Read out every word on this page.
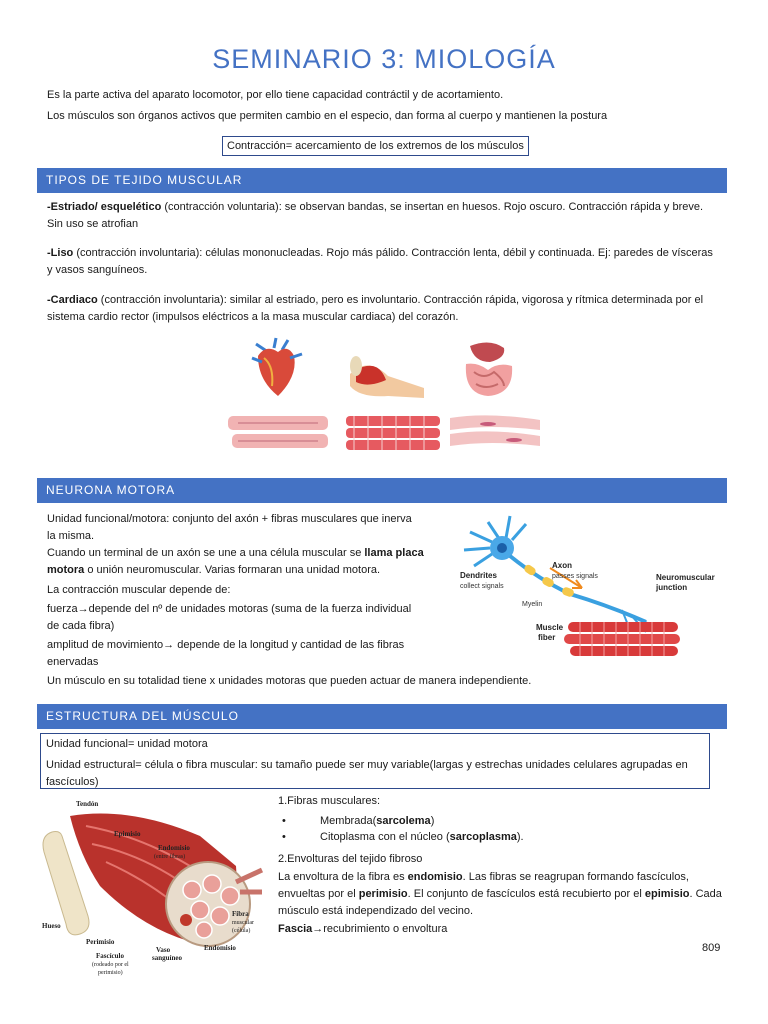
SEMINARIO 3: MIOLOGÍA
Es la parte activa del aparato locomotor, por ello tiene capacidad contráctil y de acortamiento.
Los músculos son órganos activos que permiten cambio en el especio, dan forma al cuerpo y mantienen la postura
Contracción= acercamiento de los extremos de los músculos
TIPOS DE TEJIDO MUSCULAR
-Estriado/ esquelético (contracción voluntaria): se observan bandas, se insertan en huesos. Rojo oscuro. Contracción rápida y breve. Sin uso se atrofian
-Liso (contracción involuntaria): células mononucleadas. Rojo más pálido. Contracción lenta, débil y continuada. Ej: paredes de vísceras y vasos sanguíneos.
-Cardiaco (contracción involuntaria): similar al estriado, pero es involuntario. Contracción rápida, vigorosa y rítmica determinada por el sistema cardio rector (impulsos eléctricos a la masa muscular cardiaca) del corazón.
NEURONA MOTORA
Unidad funcional/motora: conjunto del axón + fibras musculares que inerva la misma.
Cuando un terminal de un axón se une a una célula muscular se llama placa motora o unión neuromuscular. Varias formaran una unidad motora.
La contracción muscular depende de:
fuerza→depende del nº de unidades motoras (suma de la fuerza individual de cada fibra)
amplitud de movimiento→ depende de la longitud y cantidad de las fibras enervadas
Un músculo en su totalidad tiene x unidades motoras que pueden actuar de manera independiente.
Dendrites
collect signals
Axon
passes signals	Neuromuscular
junction
Myelin
Muscle
fiber
ESTRUCTURA DEL MÚSCULO
Unidad funcional= unidad motora
Unidad estructural= célula o fibra muscular: su tamaño puede ser muy variable(largas y estrechas unidades celulares agrupadas en fascículos)
Tendón
Epimisio
Endomisio
(entre fibras)
Hueso
Perimisio
Fascículo
(rodeado por el
perimisio)
Vaso
sanguíneo
Endomisio
Fibra
muscular
(célula)
1.Fibras musculares:
•	Membrada(sarcolema)
•	Citoplasma con el núcleo (sarcoplasma).
2.Envolturas del tejido fibroso
La envoltura de la fibra es endomisio. Las fibras se reagrupan formando fascículos, envueltas por el perimisio. El conjunto de fascículos está recubierto por el epimisio. Cada músculo está independizado del vecino.
Fascia→recubrimiento o envoltura
809
